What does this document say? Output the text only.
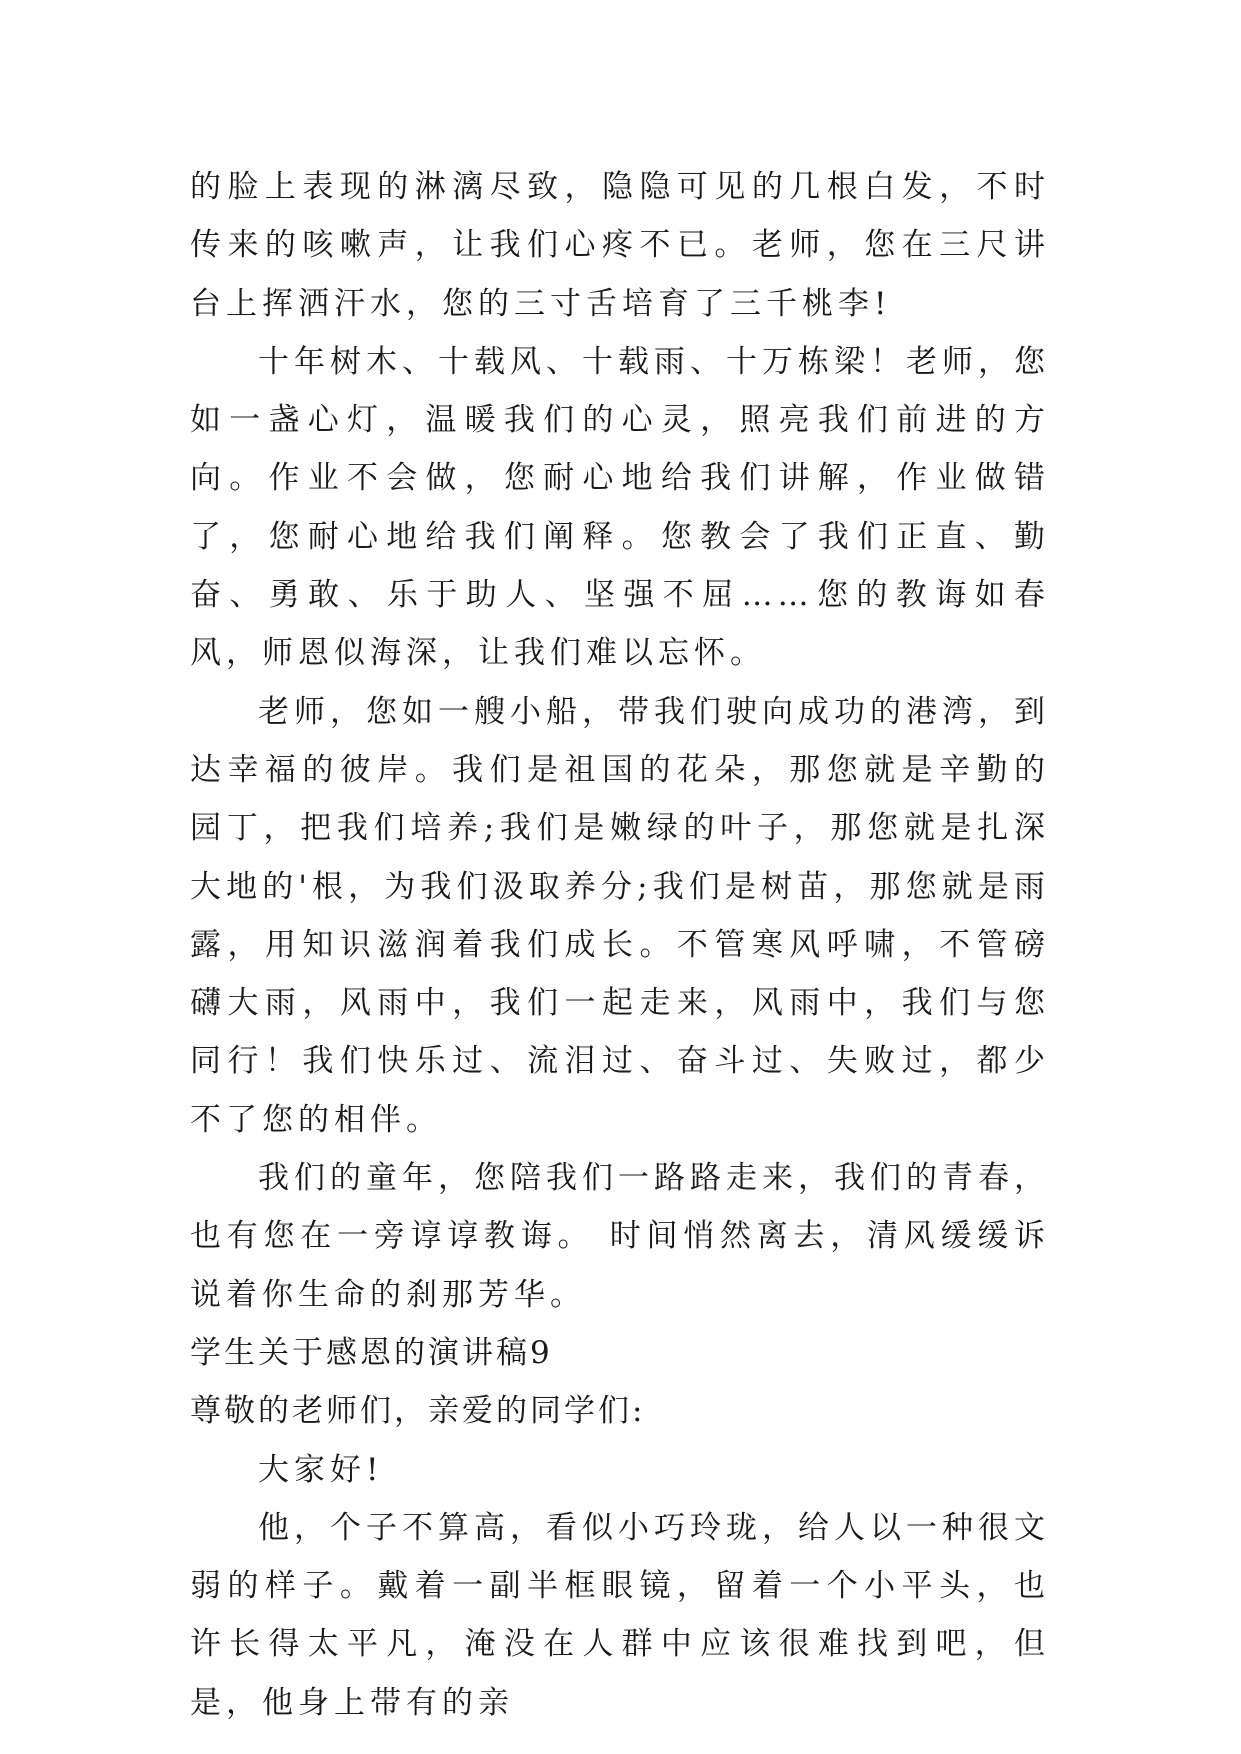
的脸上表现的淋漓尽致，隐隐可见的几根白发，不时传来的咳嗽声，让我们心疼不已。老师，您在三尺讲台上挥洒汗水，您的三寸舌培育了三千桃李!

十年树木、十载风、十载雨、十万栋梁！老师，您如一盏心灯，温暖我们的心灵，照亮我们前进的方向。作业不会做，您耐心地给我们讲解，作业做错了，您耐心地给我们阐释。您教会了我们正直、勤奋、勇敢、乐于助人、坚强不屈……您的教诲如春风，师恩似海深，让我们难以忘怀。

老师，您如一艘小船，带我们驶向成功的港湾，到达幸福的彼岸。我们是祖国的花朵，那您就是辛勤的园丁，把我们培养;我们是嫩绿的叶子，那您就是扎深大地的'根，为我们汲取养分;我们是树苗，那您就是雨露，用知识滋润着我们成长。不管寒风呼啸，不管磅礴大雨，风雨中，我们一起走来，风雨中，我们与您同行！我们快乐过、流泪过、奋斗过、失败过，都少不了您的相伴。

我们的童年，您陪我们一路路走来，我们的青春，也有您在一旁谆谆教诲。 时间悄然离去，清风缓缓诉说着你生命的刹那芳华。

学生关于感恩的演讲稿9

尊敬的老师们，亲爱的同学们:

大家好!

他，个子不算高，看似小巧玲珑，给人以一种很文弱的样子。戴着一副半框眼镜，留着一个小平头，也许长得太平凡，淹没在人群中应该很难找到吧，但是，他身上带有的亲
